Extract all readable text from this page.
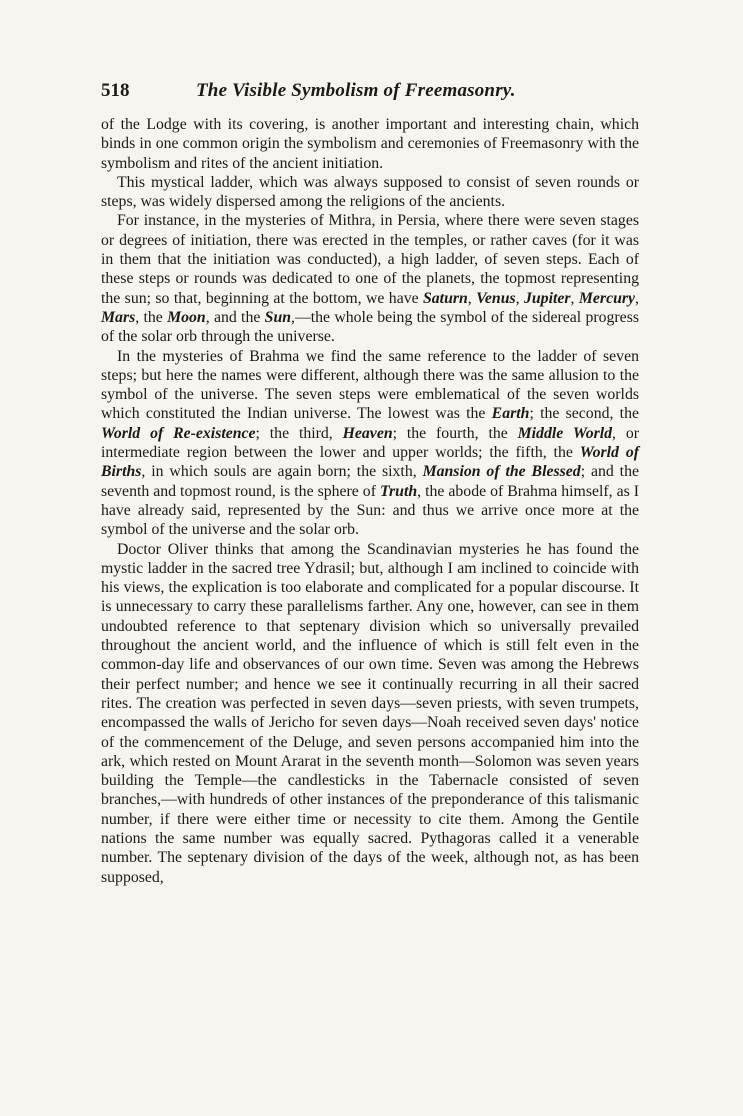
518	The Visible Symbolism of Freemasonry.

of the Lodge with its covering, is another important and interesting chain, which binds in one common origin the symbolism and ceremonies of Freemasonry with the symbolism and rites of the ancient initiation.

This mystical ladder, which was always supposed to consist of seven rounds or steps, was widely dispersed among the religions of the ancients.

For instance, in the mysteries of Mithra, in Persia, where there were seven stages or degrees of initiation, there was erected in the temples, or rather caves (for it was in them that the initiation was conducted), a high ladder, of seven steps. Each of these steps or rounds was dedicated to one of the planets, the topmost representing the sun; so that, beginning at the bottom, we have Saturn, Venus, Jupiter, Mercury, Mars, the Moon, and the Sun,—the whole being the symbol of the sidereal progress of the solar orb through the universe.

In the mysteries of Brahma we find the same reference to the ladder of seven steps; but here the names were different, although there was the same allusion to the symbol of the universe. The seven steps were emblematical of the seven worlds which constituted the Indian universe. The lowest was the Earth; the second, the World of Re-existence; the third, Heaven; the fourth, the Middle World, or intermediate region between the lower and upper worlds; the fifth, the World of Births, in which souls are again born; the sixth, Mansion of the Blessed; and the seventh and topmost round, is the sphere of Truth, the abode of Brahma himself, as I have already said, represented by the Sun: and thus we arrive once more at the symbol of the universe and the solar orb.

Doctor Oliver thinks that among the Scandinavian mysteries he has found the mystic ladder in the sacred tree Ydrasil; but, although I am inclined to coincide with his views, the explication is too elaborate and complicated for a popular discourse. It is unnecessary to carry these parallelisms farther. Any one, however, can see in them undoubted reference to that septenary division which so universally prevailed throughout the ancient world, and the influence of which is still felt even in the common-day life and observances of our own time. Seven was among the Hebrews their perfect number; and hence we see it continually recurring in all their sacred rites. The creation was perfected in seven days—seven priests, with seven trumpets, encompassed the walls of Jericho for seven days—Noah received seven days' notice of the commencement of the Deluge, and seven persons accompanied him into the ark, which rested on Mount Ararat in the seventh month—Solomon was seven years building the Temple—the candlesticks in the Tabernacle consisted of seven branches,—with hundreds of other instances of the preponderance of this talismanic number, if there were either time or necessity to cite them. Among the Gentile nations the same number was equally sacred. Pythagoras called it a venerable number. The septenary division of the days of the week, although not, as has been supposed,
